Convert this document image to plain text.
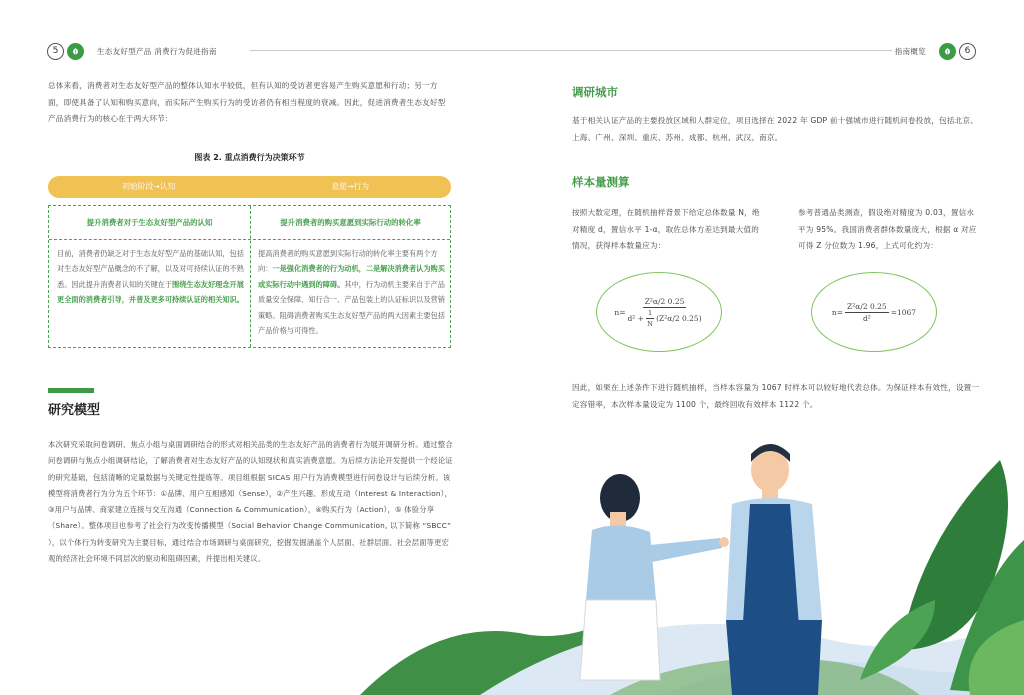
5	生态友好型产品 消费行为促进指南	指南概览	6
总体来看，消费者对生态友好型产品的整体认知水平较低，但有认知的受访者更容易产生购买意愿和行动；另一方面，即使具备了认知和购买意向，而实际产生购买行为的受访者仍有相当程度的衰减。因此，促进消费者生态友好型产品消费行为的核心在于两大环节：
图表 2. 重点消费行为决策环节
初始阶段→认知	意愿→行为
提升消费者对于生态友好型产品的认知	提升消费者的购买意愿到实际行动的转化率
目前，消费者仍缺乏对于生态友好型产品的基础认知，包括对生态友好型产品概念的不了解，以及对可持续认证的不熟悉。因此提升消费者认知的关键在于围绕生态友好理念开展更全面的消费者引导，并普及更多可持续认证的相关知识。
提高消费者的购买意愿到实际行动的转化率主要有两个方向：一是强化消费者的行为动机，二是解决消费者认为购买或实际行动中遇到的障碍。其中，行为动机主要来自于产品质量安全保障、知行合一、产品包装上的认证标识以及营销策略。阻碍消费者购买生态友好型产品的两大因素主要包括产品价格与可得性。
研究模型
本次研究采取问卷调研、焦点小组与桌面调研结合的形式对相关品类的生态友好产品的消费者行为展开调研分析。通过整合问卷调研与焦点小组调研结论，了解消费者对生态友好产品的认知现状和真实消费意愿。为后续方法论开发提供一个经论证的研究基础，包括清晰的定量数据与关键定性提炼等。项目组根据 SICAS 用户行为消费模型进行问卷设计与后续分析。该模型将消费者行为分为五个环节：①品牌、用户互相感知（Sense），②产生兴趣、形成互动（Interest & Interaction），③用户与品牌、商家建立连接与交互沟通（Connection & Communication），④购买行为（Action），⑤ 体验分享（Share）。整体项目也参考了社会行为改变传播模型（Social Behavior Change Communication, 以下简称 “SBCC” ），以个体行为转变研究为主要目标，通过结合市场调研与桌面研究，挖掘发掘涵盖个人层面、社群层面、社会层面等更宏观的经济社会环境不同层次的驱动和阻碍因素，并提出相关建议。
调研城市
基于相关认证产品的主要投放区域和人群定位，项目选择在 2022 年 GDP 前十强城市进行随机问卷投放，包括北京、上海、广州、深圳、重庆、苏州、成都、杭州、武汉、南京。
样本量测算
按照大数定理，在随机抽样背景下给定总体数量 N，绝对精度 d，置信水平 1-α，取佐总体方差达到最大值的情况，获得样本数量应为：
参考普通品类测查，假设绝对精度为 0.03，置信水平为 95%。我国消费者群体数量庞大，根据 α 对应可得 Z 分位数为 1.96，上式可化约为：
n=
Z²α/2 0.25
$d^2 + \frac{1}{N} (Z^2\alpha/2$ 0.25)
$n= \frac{\text{Z²α/2 0.25}}{\text{d²}} =1067$
因此，如果在上述条件下进行随机抽样，当样本容量为 1067 时样本可以较好地代表总体。为保证样本有效性，设置一定容错率，本次样本量设定为 1100 个，最终回收有效样本 1122 个。
